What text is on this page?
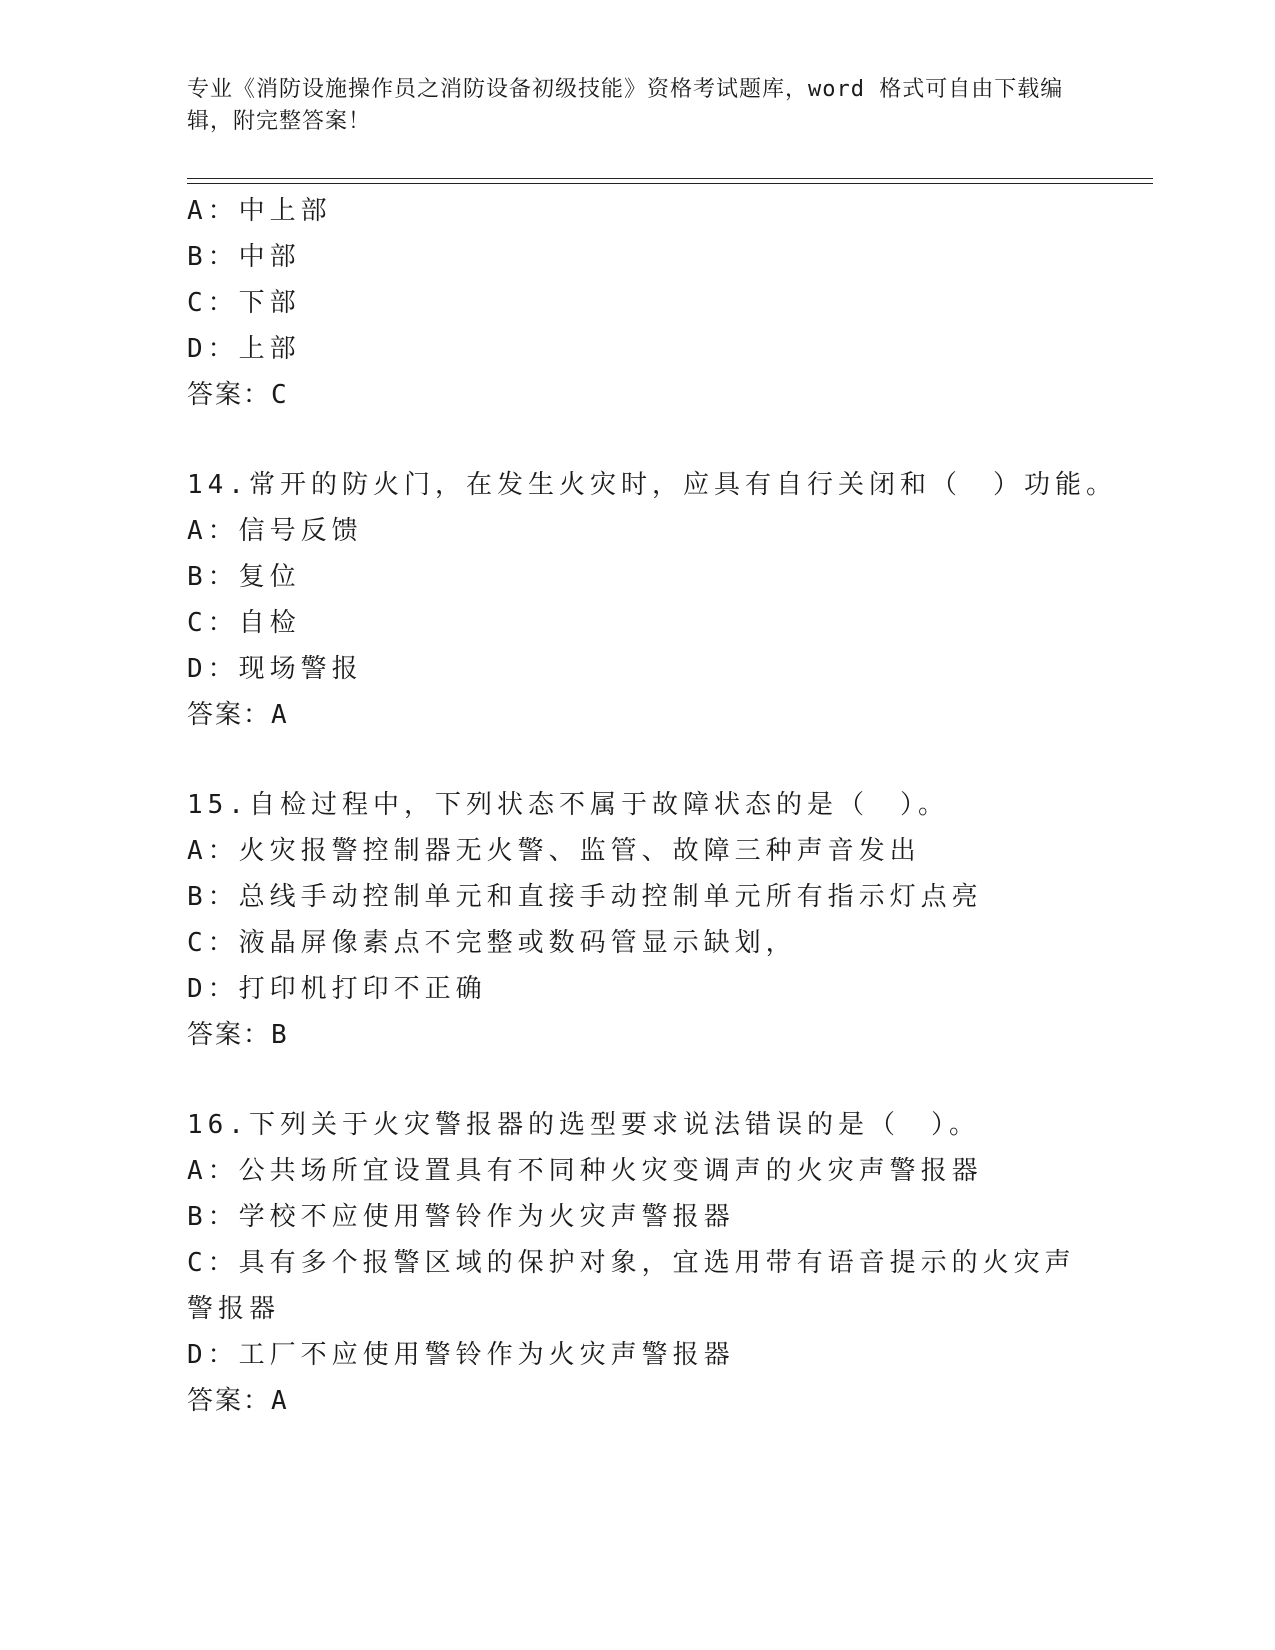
专业《消防设施操作员之消防设备初级技能》资格考试题库，word 格式可自由下载编辑，附完整答案！
A：中上部
B：中部
C：下部
D：上部
答案：C
14.常开的防火门，在发生火灾时，应具有自行关闭和（　）功能。
A：信号反馈
B：复位
C：自检
D：现场警报
答案：A
15.自检过程中，下列状态不属于故障状态的是（　）。
A：火灾报警控制器无火警、监管、故障三种声音发出
B：总线手动控制单元和直接手动控制单元所有指示灯点亮
C：液晶屏像素点不完整或数码管显示缺划，
D：打印机打印不正确
答案：B
16.下列关于火灾警报器的选型要求说法错误的是（　）。
A：公共场所宜设置具有不同种火灾变调声的火灾声警报器
B：学校不应使用警铃作为火灾声警报器
C：具有多个报警区域的保护对象，宜选用带有语音提示的火灾声警报器
D：工厂不应使用警铃作为火灾声警报器
答案：A
